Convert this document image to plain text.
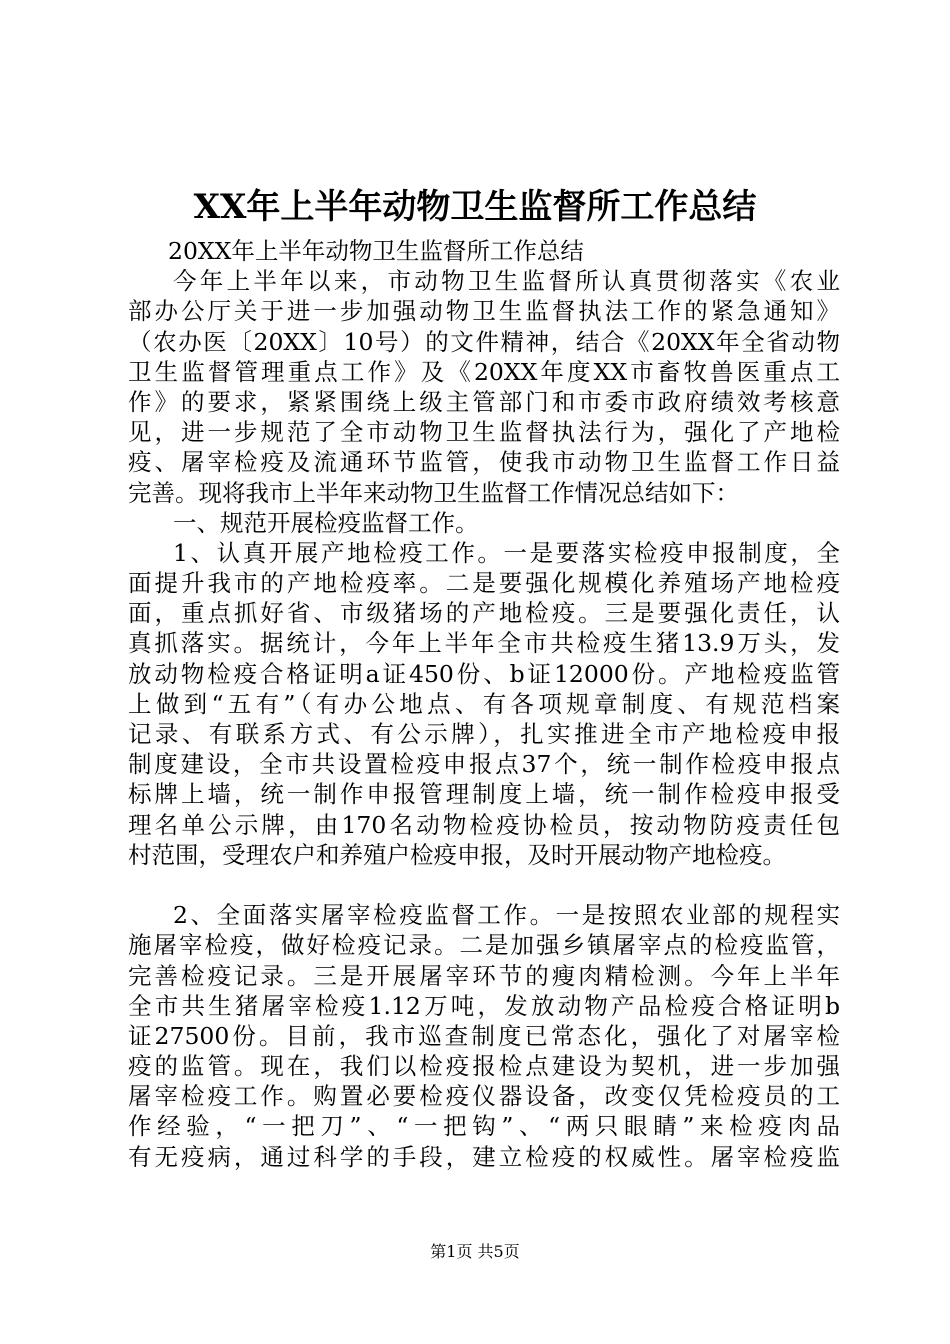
XX年上半年动物卫生监督所工作总结
20XX年上半年动物卫生监督所工作总结
今年上半年以来，市动物卫生监督所认真贯彻落实《农业
部办公厅关于进一步加强动物卫生监督执法工作的紧急通知》
（农办医〔20XX〕10号）的文件精神，结合《20XX年全省动物
卫生监督管理重点工作》及《20XX年度XX市畜牧兽医重点工
作》的要求，紧紧围绕上级主管部门和市委市政府绩效考核意
见，进一步规范了全市动物卫生监督执法行为，强化了产地检
疫、屠宰检疫及流通环节监管，使我市动物卫生监督工作日益
完善。现将我市上半年来动物卫生监督工作情况总结如下：
一、规范开展检疫监督工作。
1、认真开展产地检疫工作。一是要落实检疫申报制度，全
面提升我市的产地检疫率。二是要强化规模化养殖场产地检疫
面，重点抓好省、市级猪场的产地检疫。三是要强化责任，认
真抓落实。据统计，今年上半年全市共检疫生猪13.9万头，发
放动物检疫合格证明a证450份、b证12000份。产地检疫监管
上做到“五有”（有办公地点、有各项规章制度、有规范档案
记录、有联系方式、有公示牌），扎实推进全市产地检疫申报
制度建设，全市共设置检疫申报点37个，统一制作检疫申报点
标牌上墙，统一制作申报管理制度上墙，统一制作检疫申报受
理名单公示牌，由170名动物检疫协检员，按动物防疫责任包
村范围，受理农户和养殖户检疫申报，及时开展动物产地检疫。
2、全面落实屠宰检疫监督工作。一是按照农业部的规程实
施屠宰检疫，做好检疫记录。二是加强乡镇屠宰点的检疫监管，
完善检疫记录。三是开展屠宰环节的瘦肉精检测。今年上半年
全市共生猪屠宰检疫1.12万吨，发放动物产品检疫合格证明b
证27500份。目前，我市巡查制度已常态化，强化了对屠宰检
疫的监管。现在，我们以检疫报检点建设为契机，进一步加强
屠宰检疫工作。购置必要检疫仪器设备，改变仅凭检疫员的工
作经验，“一把刀”、“一把钩”、“两只眼睛”来检疫肉品
有无疫病，通过科学的手段，建立检疫的权威性。屠宰检疫监
第1页 共5页
